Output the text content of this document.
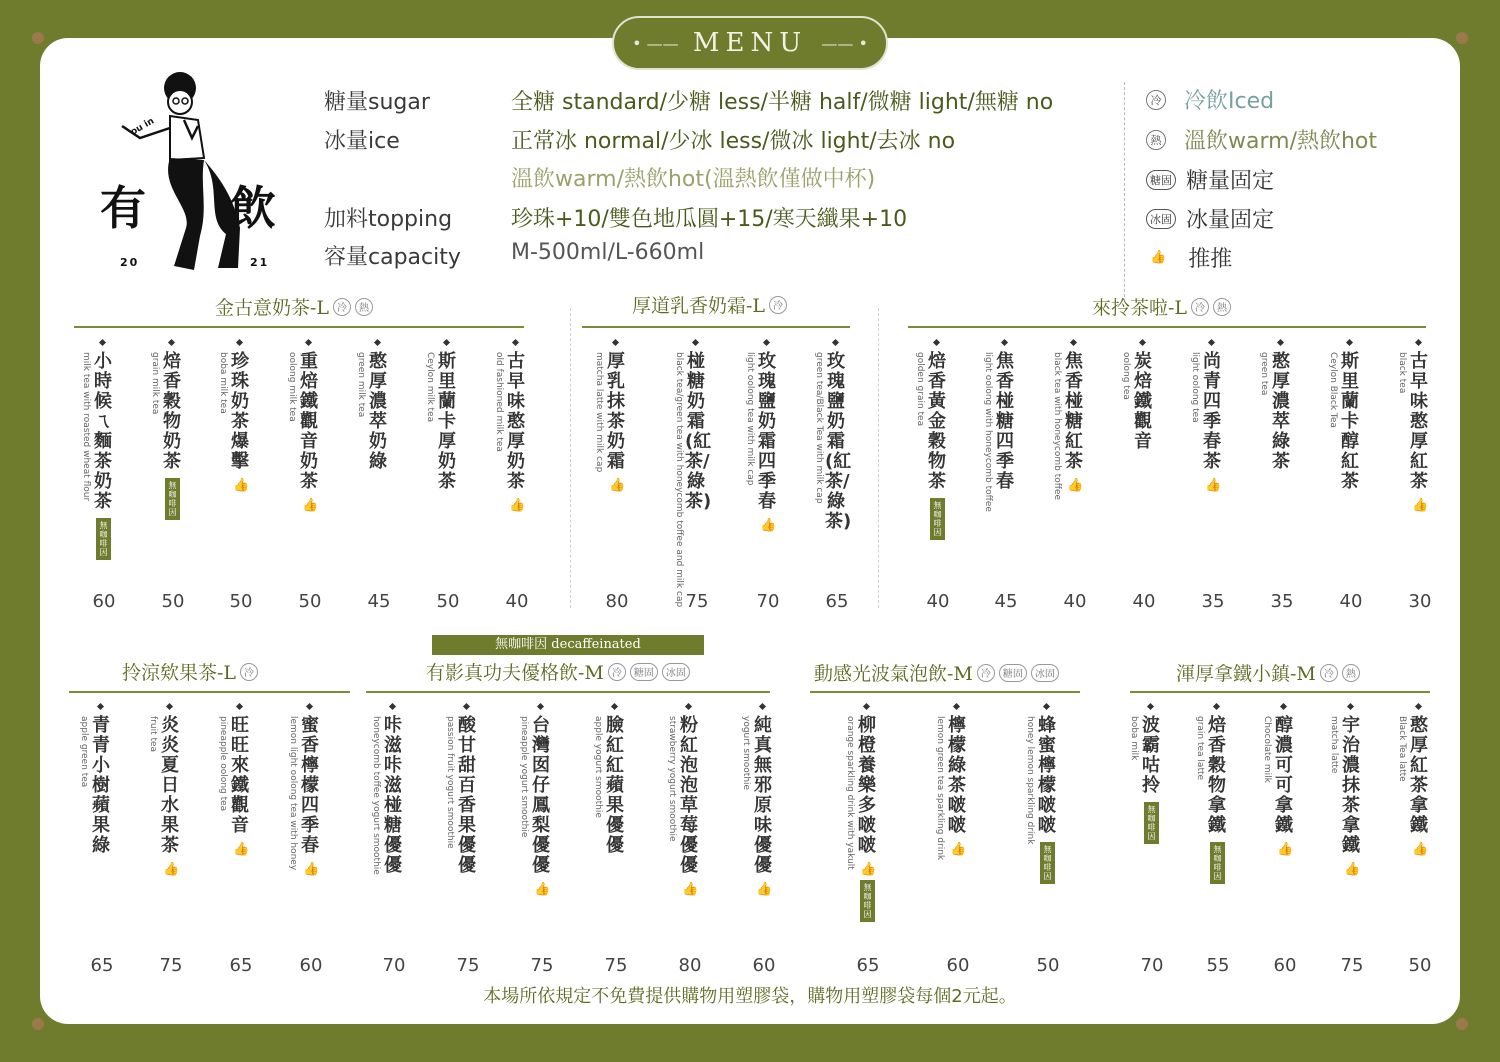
有 飲
20	21
ou in
糖量sugar	全糖 standard/少糖 less/半糖 half/微糖 light/無糖 no
冰量ice	正常冰 normal/少冰 less/微冰 light/去冰 no
溫飲warm/熱飲hot(溫熱飲僅做中杯)
加料topping	珍珠+10/雙色地瓜圓+15/寒天纖果+10
容量capacity M-500ml/L-660ml
冷 冷飲Iced
熱 溫飲warm/熱飲hot
糖固 糖量固定
冰固 冰量固定
👍 推推
金古意奶茶-L 冷	熱
小時候ㄟ麵茶奶茶
milk tea with roasted wheat flour
無咖啡因
60
焙香穀物奶茶
grain milk tea
無咖啡因
50
珍珠奶茶爆擊
boba milk tea
👍
50
重焙鐵觀音奶茶
oolong milk tea
👍
50
憨厚濃萃奶綠
green milk tea
45
斯里蘭卡厚奶茶
Ceylon milk tea
50
古早味憨厚奶茶
old fashioned milk tea
👍
40
厚道乳香奶霜-L 冷
厚乳抹茶奶霜
matcha latte with milk cap
👍
80
椪糖奶霜(紅茶/綠茶)
black tea/green tea with honeycomb toffee and milk cap 75
玫瑰鹽奶霜四季春
light oolong tea with milk cap
👍
70
玫瑰鹽奶霜(紅茶/綠茶)
green tea/Black Tea with milk cap
65
來拎茶啦-L 冷	熱
焙香黃金穀物茶
golden grain tea
無咖啡因
40
焦香椪糖四季春
light oolong with honeycomb toffee
45
焦香椪糖紅茶
black tea with honeycomb toffee 👍
40
炭焙鐵觀音
oolong tea
40
尚青四季春茶
light oolong tea
👍
35
憨厚濃萃綠茶
green tea
35
斯里蘭卡醇紅茶
Ceylon Black Tea
40
古早味憨厚紅茶
black tea
👍
30
拎涼欸果茶-L 冷
青青小樹蘋果綠
apple green tea
65
炎炎夏日水果茶
fruit tea
👍
75
旺旺來鐵觀音
pineapple oolong tea
👍
65
蜜香檸檬四季春
lemon light oolong tea with honey 👍
60
有影真功夫優格飲-M 冷	糖固	冰固
咔滋咔滋椪糖優優
honeycomb toffee yogurt smoothie
70
酸甘甜百香果優優
passion fruit yogurt smoothie
75
台灣囡仔鳳梨優優
pineapple yogurt smoothie
👍
75
臉紅紅蘋果優優
apple yogurt smoothie
75
粉紅泡泡草莓優優
strawberry yogurt smoothie
👍
80
純真無邪原味優優
yogurt smoothie
👍
60
動感光波氣泡飲-M 冷	糖固	冰固
柳橙養樂多啵啵
orange sparkling drink with yakult 👍
無咖啡因
65
檸檬綠茶啵啵
lemon green tea sparkling drink 👍
60
蜂蜜檸檬啵啵
honey lemon sparkling drink
無咖啡因
50
渾厚拿鐵小鎮-M 冷	熱
波霸咕拎
boba milk
無咖啡因
70
焙香穀物拿鐵
grain tea latte
無咖啡因
55
醇濃可可拿鐵
Chocolate milk
👍
60
宇治濃抹茶拿鐵
matcha latte
👍
75
憨厚紅茶拿鐵
Black Tea latte
👍
50
無咖啡因 decaffeinated
本場所依規定不免費提供購物用塑膠袋，購物用塑膠袋每個2元起。
• —— MENU —— •
